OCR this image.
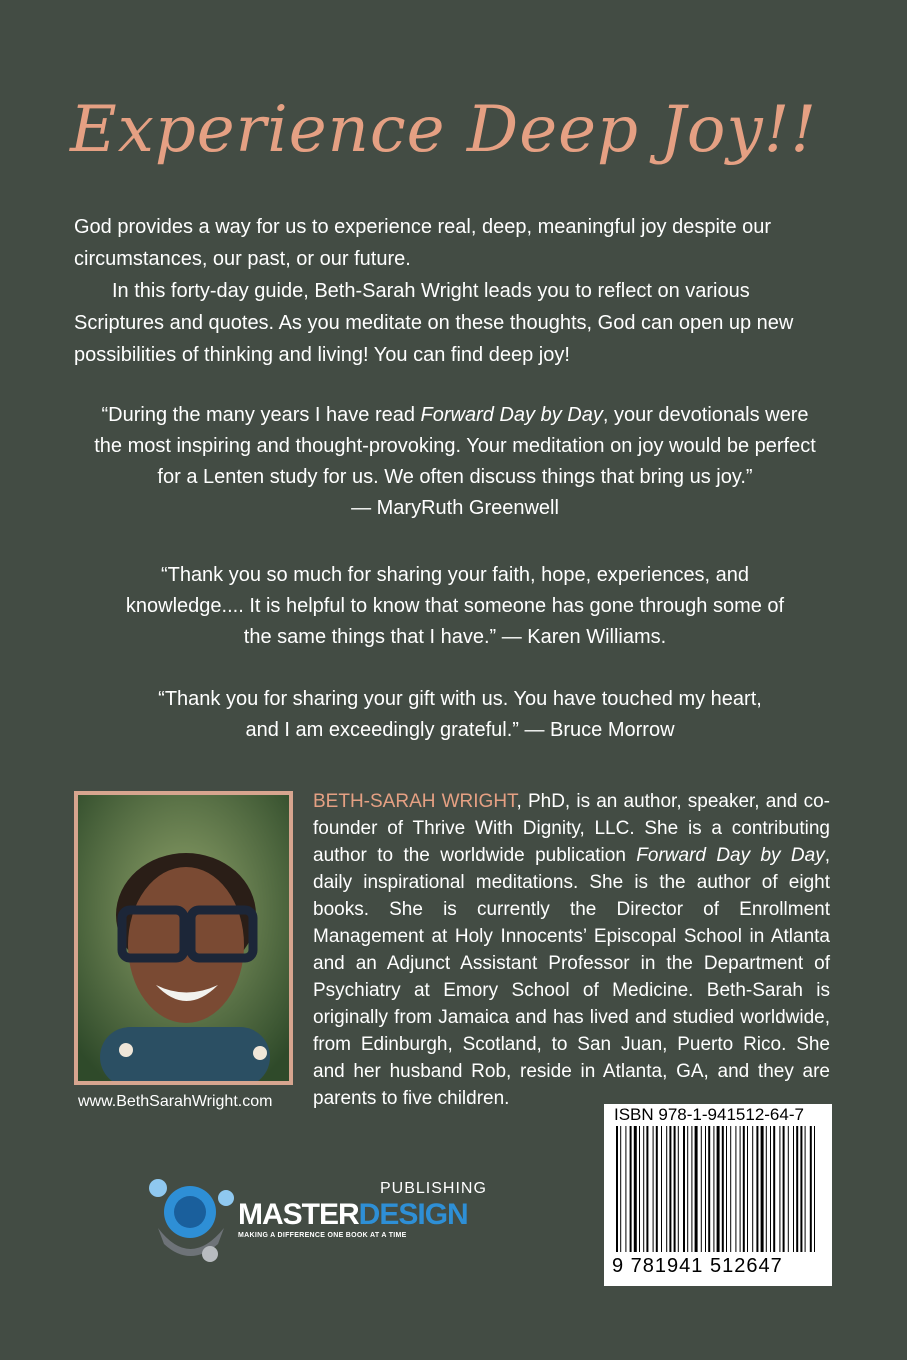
Experience Deep Joy!!

God provides a way for us to experience real, deep, meaningful joy despite our circumstances, our past, or our future.

In this forty-day guide, Beth-Sarah Wright leads you to reflect on various Scriptures and quotes. As you meditate on these thoughts, God can open up new possibilities of thinking and living! You can find deep joy!

“During the many years I have read Forward Day by Day, your devotionals were the most inspiring and thought-provoking. Your meditation on joy would be perfect for a Lenten study for us. We often discuss things that bring us joy.”
— MaryRuth Greenwell

“Thank you so much for sharing your faith, hope, experiences, and knowledge.... It is helpful to know that someone has gone through some of the same things that I have.” — Karen Williams.

“Thank you for sharing your gift with us. You have touched my heart, and I am exceedingly grateful.” — Bruce Morrow

www.BethSarahWright.com

BETH-SARAH WRIGHT, PhD, is an author, speaker, and co-founder of Thrive With Dignity, LLC. She is a contributing author to the worldwide publication Forward Day by Day, daily inspirational meditations. She is the author of eight books. She is currently the Director of Enrollment Management at Holy Innocents’ Episcopal School in Atlanta and an Adjunct Assistant Professor in the Department of Psychiatry at Emory School of Medicine. Beth-Sarah is originally from Jamaica and has lived and studied worldwide, from Edinburgh, Scotland, to San Juan, Puerto Rico. She and her husband Rob, reside in Atlanta, GA, and they are parents to five children.

PUBLISHING
MASTERDESIGN
MAKING A DIFFERENCE ONE BOOK AT A TIME
ISBN 978-1-941512-64-7
9 781941 512647
